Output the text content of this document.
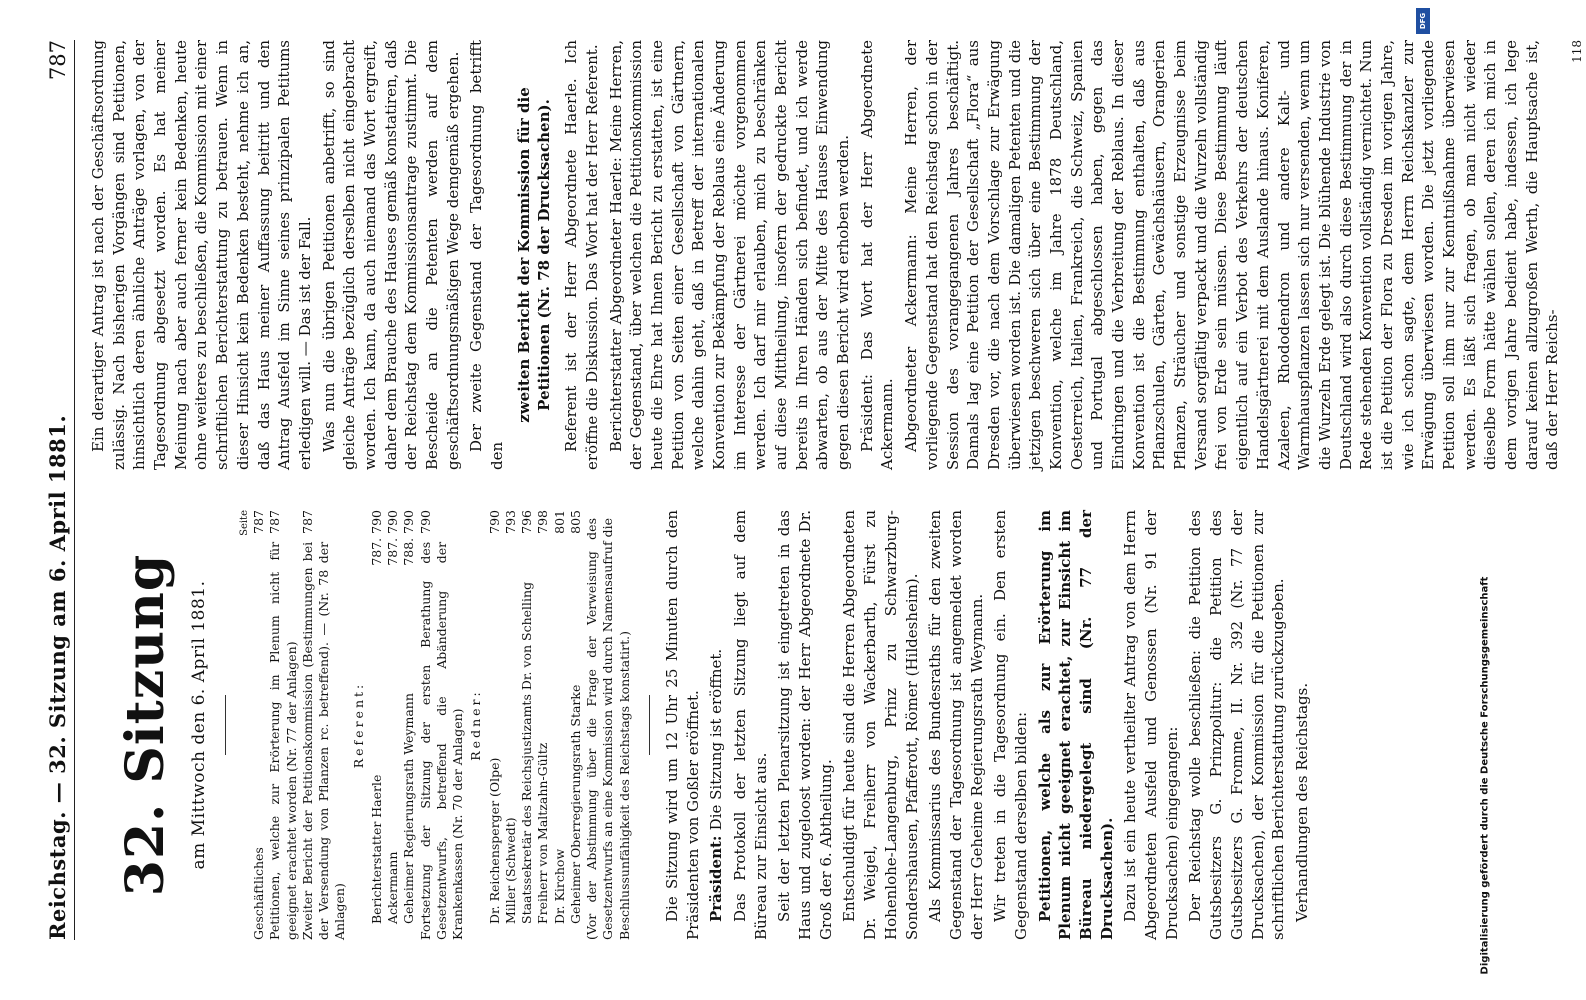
Reichstag. — 32. Sitzung am 6. April 1881.
787
32. Sitzung am Mittwoch den 6. April 1881.
Seite
Geschäftliches
787
Petitionen, welche zur Erörterung im Plenum nicht für geeignet erachtet worden (Nr. 77 der Anlagen)
787
Zweiter Bericht der Petitionskommission (Bestimmungen bei der Versendung von Pflanzen rc. betreffend). — (Nr. 78 der Anlagen)
787
Referent:
Berichterstatter Haerle
787. 790
Ackermann
787. 790
Geheimer Regierungsrath Weymann
788. 790
Fortsetzung der Sitzung der ersten Berathung des Gesetzentwurfs, betreffend die Abänderung der Krankenkassen (Nr. 70 der Anlagen)
790
Redner:
Dr. Reichensperger (Olpe)
790
Miller (Schwedt)
793
Staatssekretär des Reichsjustizamts Dr. von Schelling
796
Freiherr von Maltzahn-Gültz
798
Dr. Kirchow
801
Geheimer Oberregierungsrath Starke
805 (Vor der Abstimmung über die Frage der Verweisung des Gesetzentwurfs an eine Kommission wird durch Namensaufruf die Beschlussunfähigkeit des Reichstags konstatirt.) Die Sitzung wird um 12 Uhr 25 Minuten durch den Präsidenten von Goßler eröffnet. Präsident: Die Sitzung ist eröffnet. Das Protokoll der letzten Sitzung liegt auf dem Büreau zur Einsicht aus. Seit der letzten Plenarsitzung ist eingetreten in das Haus und zugeloost worden: der Herr Abgeordnete Dr. Groß der 6. Abtheilung. Entschuldigt für heute sind die Herren Abgeordneten Dr. Weigel, Freiherr von Wackerbarth, Fürst zu Hohenlohe-Langenburg, Prinz zu Schwarzburg-Sondershausen, Pfafferott, Römer (Hildesheim). Als Kommissarius des Bundesraths für den zweiten Gegenstand der Tagesordnung ist angemeldet worden der Herr Geheime Regierungsrath Weymann. Wir treten in die Tagesordnung ein. Den ersten Gegenstand derselben bilden: Petitionen, welche als zur Erörterung im Plenum nicht geeignet erachtet, zur Einsicht im Büreau niedergelegt sind (Nr. 77 der Drucksachen). Dazu ist ein heute vertheilter Antrag von dem Herrn Abgeordneten Ausfeld und Genossen (Nr. 91 der Drucksachen) eingegangen: Der Reichstag wolle beschließen: die Petition des Gutsbesitzers G. Prinzpolitur: die Petition des Gutsbesitzers G. Fromme, II. Nr. 392 (Nr. 77 der Drucksachen), der Kommission für die Petitionen zur schriftlichen Berichterstattung zurückzugeben. Verhandlungen des Reichstags.

Ein derartiger Antrag ist nach der Geschäftsordnung zulässig. Nach bisherigen Vorgängen sind Petitionen, hinsichtlich deren ähnliche Anträge vorlagen, von der Tagesordnung abgesetzt worden. Es hat meiner Meinung nach aber auch ferner kein Bedenken, heute ohne weiteres zu beschließen, die Kommission mit einer schriftlichen Berichterstattung zu betrauen. Wenn in dieser Hinsicht kein Bedenken besteht, nehme ich an, daß das Haus meiner Auffassung beitritt und den Antrag Ausfeld im Sinne seines prinzipalen Petitums erledigen will. — Das ist der Fall. Was nun die übrigen Petitionen anbetrifft, so sind gleiche Anträge bezüglich derselben nicht eingebracht worden. Ich kann, da auch niemand das Wort ergreift, daher dem Brauche des Hauses gemäß konstatiren, daß der Reichstag dem Kommissionsantrage zustimmt. Die Bescheide an die Petenten werden auf dem geschäftsordnungsmäßigen Wege demgemäß ergehen. Der zweite Gegenstand der Tagesordnung betrifft den

zweiten Bericht der Kommission für die Petitionen (Nr. 78 der Drucksachen). Referent ist der Herr Abgeordnete Haerle. Ich eröffne die Diskussion. Das Wort hat der Herr Referent. Berichterstatter Abgeordneter Haerle: Meine Herren, der Gegenstand, über welchen die Petitionskommission heute die Ehre hat Ihnen Bericht zu erstatten, ist eine Petition von Seiten einer Gesellschaft von Gärtnern, welche dahin geht, daß in Betreff der internationalen Konvention zur Bekämpfung der Reblaus eine Änderung im Interesse der Gärtnerei möchte vorgenommen werden. Ich darf mir erlauben, mich zu beschränken auf diese Mittheilung, insofern der gedruckte Bericht bereits in Ihren Händen sich befindet, und ich werde abwarten, ob aus der Mitte des Hauses Einwendung gegen diesen Bericht wird erhoben werden. Präsident: Das Wort hat der Herr Abgeordnete Ackermann. Abgeordneter Ackermann: Meine Herren, der vorliegende Gegenstand hat den Reichstag schon in der Session des vorangegangenen Jahres beschäftigt. Damals lag eine Petition der Gesellschaft „Flora“ aus Dresden vor, die nach dem Vorschlage zur Erwägung überwiesen worden ist. Die damaligen Petenten und die jetzigen beschweren sich über eine Bestimmung der Konvention, welche im Jahre 1878 Deutschland, Oesterreich, Italien, Frankreich, die Schweiz, Spanien und Portugal abgeschlossen haben, gegen das Eindringen und die Verbreitung der Reblaus. In dieser Konvention ist die Bestimmung enthalten, daß aus Pflanzschulen, Gärten, Gewächshäusern, Orangerien Pflanzen, Sträucher und sonstige Erzeugnisse beim Versand sorgfältig verpackt und die Wurzeln vollständig frei von Erde sein müssen. Diese Bestimmung läuft eigentlich auf ein Verbot des Verkehrs der deutschen Handelsgärtnerei mit dem Auslande hinaus. Koniferen, Azaleen, Rhododendron und andere Kalt- und Warmhauspflanzen lassen sich nur versenden, wenn um die Wurzeln Erde gelegt ist. Die blühende Industrie von Deutschland wird also durch diese Bestimmung der in Rede stehenden Konvention vollständig vernichtet. Nun ist die Petition der Flora zu Dresden im vorigen Jahre, wie ich schon sagte, dem Herrn Reichskanzler zur Erwägung überwiesen worden. Die jetzt vorliegende Petition soll ihm nur zur Kenntnißnahme überwiesen werden. Es läßt sich fragen, ob man nicht wieder dieselbe Form hätte wählen sollen, deren ich mich in dem vorigen Jahre bedient habe, indessen, ich lege darauf keinen allzugroßen Werth, die Hauptsache ist, daß der Herr Reichs-

118
DFG
Digitalisierung gefördert durch die Deutsche Forschungsgemeinschaft
